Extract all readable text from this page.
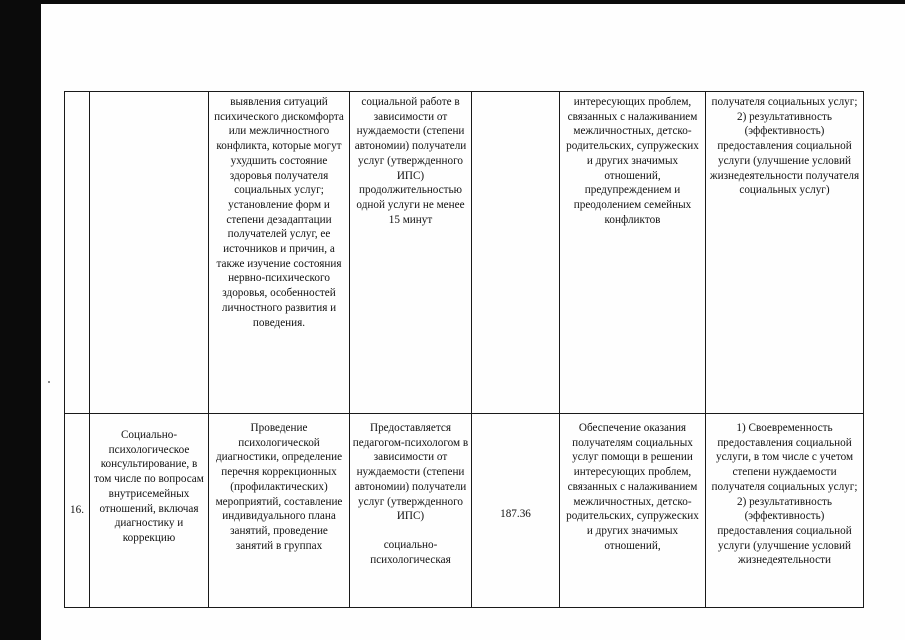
		выявления ситуаций психического дискомфорта или межличностного конфликта, которые могут ухудшить состояние здоровья получателя социальных услуг; установление форм и степени дезадаптации получателей услуг, ее источников и причин, а также изучение состояния нервно-психического здоровья, особенностей личностного развития и поведения.	социальной работе в зависимости от нуждаемости (степени автономии) получатели услуг (утвержденного ИПС) продолжительностью одной услуги не менее 15 минут		интересующих проблем, связанных с налаживанием межличностных, детско-родительских, супружеских и других значимых отношений, предупреждением и преодолением семейных конфликтов	получателя социальных услуг; 2) результативность (эффективность) предоставления социальной услуги (улучшение условий жизнедеятельности получателя социальных услуг)
16.	Социально-психологическое консультирование, в том числе по вопросам внутрисемейных отношений, включая диагностику и коррекцию	Проведение психологической диагностики, определение перечня коррекционных (профилактических) мероприятий, составление индивидуального плана занятий, проведение занятий в группах	Предоставляется педагогом-психологом в зависимости от нуждаемости (степени автономии) получатели услуг (утвержденного ИПС)
социально-психологическая	187.36	Обеспечение оказания получателям социальных услуг помощи в решении интересующих проблем, связанных с налаживанием межличностных, детско-родительских, супружеских и других значимых отношений,	1) Своевременность предоставления социальной услуги, в том числе с учетом степени нуждаемости получателя социальных услуг; 2) результативность (эффективность) предоставления социальной услуги (улучшение условий жизнедеятельности
